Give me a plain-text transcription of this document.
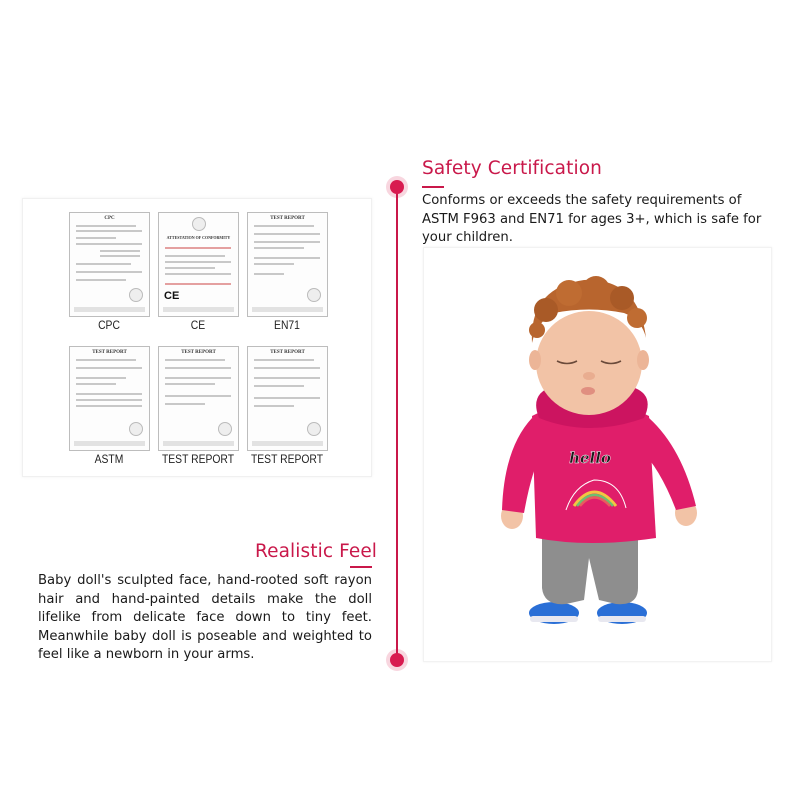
Safety Certification
Conforms or exceeds the safety requirements of ASTM F963 and EN71 for ages 3+, which is safe for your children.
CPC
ATTESTATION OF CONFORMITY
CE
TEST REPORT
CPC	CE	EN71
TEST REPORT	TEST REPORT	TEST REPORT
ASTM	TEST REPORT	TEST REPORT	hello
Realistic Feel
Baby doll's sculpted face, hand-rooted soft rayon hair and hand-painted details make the doll lifelike from delicate face down to tiny feet. Meanwhile baby doll is poseable and weighted to feel like a newborn in your arms.
